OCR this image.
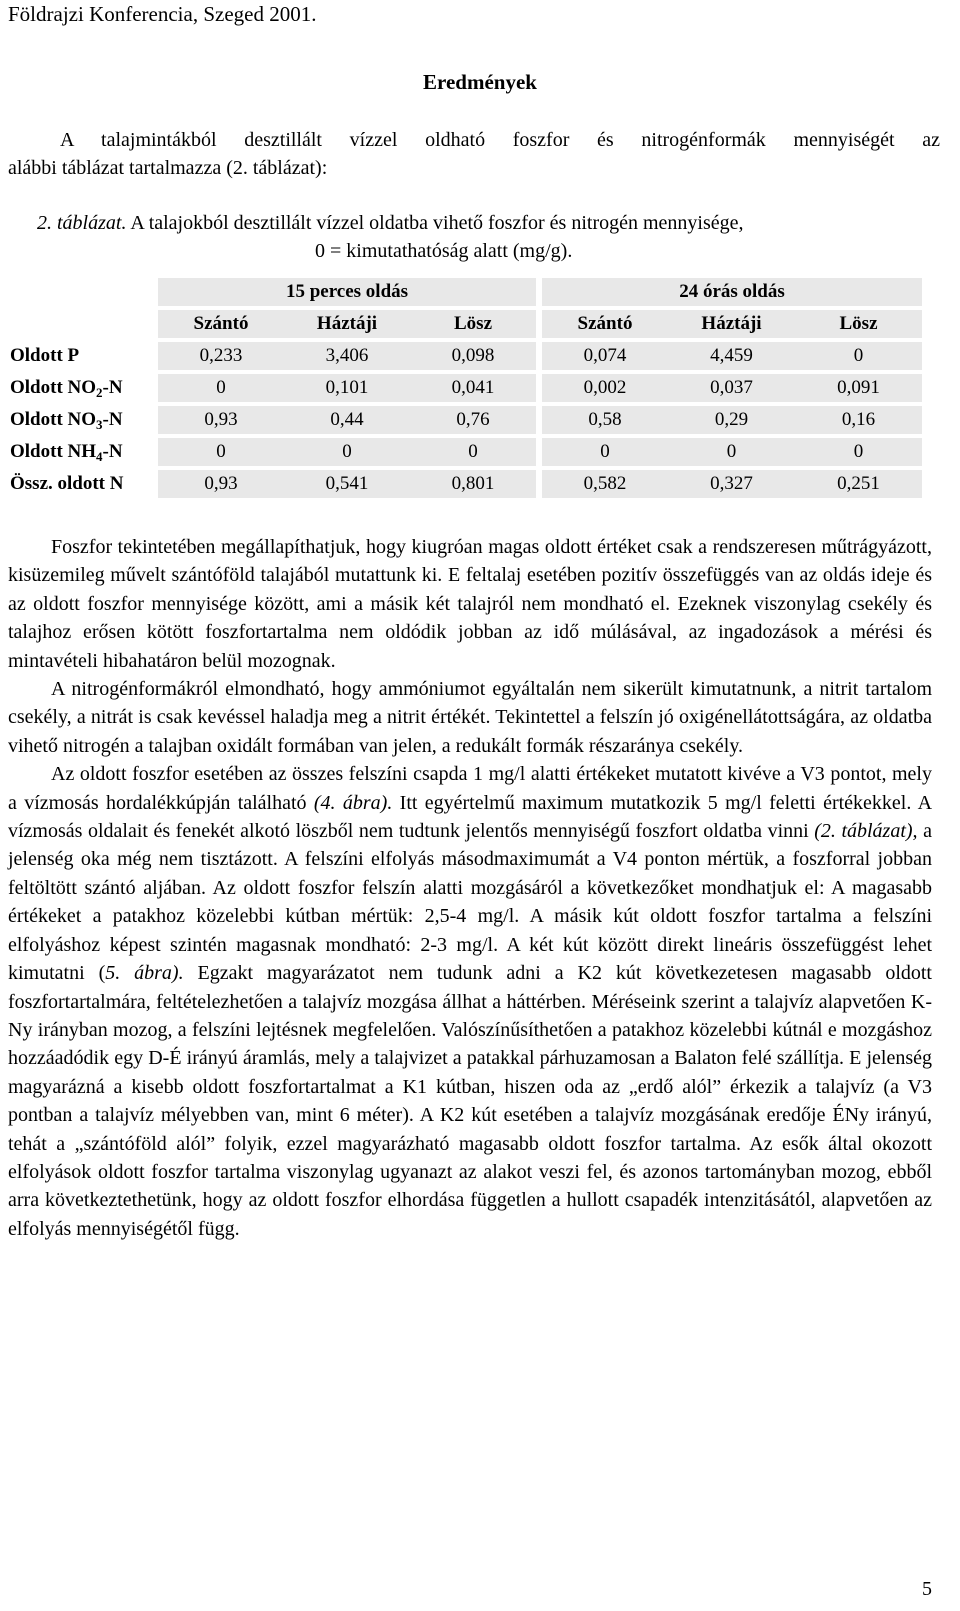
Földrajzi Konferencia, Szeged 2001.
Eredmények
A talajmintákból desztillált vízzel oldható foszfor és nitrogénformák mennyiségét az
alábbi táblázat tartalmazza (2. táblázat):
2. táblázat. A talajokból desztillált vízzel oldatba vihető foszfor és nitrogén mennyisége,
0 = kimutathatóság alatt (mg/g).
	15 perces oldás				24 órás oldás		
	Szántó	Háztáji	Lösz		Szántó	Háztáji	Lösz
Oldott P	0,233	3,406	0,098		0,074	4,459	0
Oldott $NO_2-N$	0	0,101	0,041		0,002	0,037	0,091
Oldott $NO_3-N$	0,93	0,44	0,76		0,58	0,29	0,16
Oldott $NH_4-N$	0	0	0		0	0	0
Össz. oldott N	0,93	0,541	0,801		0,582	0,327	0,251

Foszfor tekintetében megállapíthatjuk, hogy kiugróan magas oldott értéket csak a rendszeresen műtrágyázott, kisüzemileg művelt szántóföld talajából mutattunk ki. E feltalaj esetében pozitív összefüggés van az oldás ideje és az oldott foszfor mennyisége között, ami a másik két talajról nem mondható el. Ezeknek viszonylag csekély és talajhoz erősen kötött foszfortartalma nem oldódik jobban az idő múlásával, az ingadozások a mérési és mintavételi hibahatáron belül mozognak.

A nitrogénformákról elmondható, hogy ammóniumot egyáltalán nem sikerült kimutatnunk, a nitrit tartalom csekély, a nitrát is csak kevéssel haladja meg a nitrit értékét. Tekintettel a felszín jó oxigénellátottságára, az oldatba vihető nitrogén a talajban oxidált formában van jelen, a redukált formák részaránya csekély.

Az oldott foszfor esetében az összes felszíni csapda 1 mg/l alatti értékeket mutatott kivéve a V3 pontot, mely a vízmosás hordalékkúpján található (4. ábra). Itt egyértelmű maximum mutatkozik 5 mg/l feletti értékekkel. A vízmosás oldalait és fenekét alkotó löszből nem tudtunk jelentős mennyiségű foszfort oldatba vinni (2. táblázat), a jelenség oka még nem tisztázott. A felszíni elfolyás másodmaximumát a V4 ponton mértük, a foszforral jobban feltöltött szántó aljában. Az oldott foszfor felszín alatti mozgásáról a következőket mondhatjuk el: A magasabb értékeket a patakhoz közelebbi kútban mértük: 2,5-4 mg/l. A másik kút oldott foszfor tartalma a felszíni elfolyáshoz képest szintén magasnak mondható: 2-3 mg/l. A két kút között direkt lineáris összefüggést lehet kimutatni (5. ábra). Egzakt magyarázatot nem tudunk adni a K2 kút következetesen magasabb oldott foszfortartalmára, feltételezhetően a talajvíz mozgása állhat a háttérben. Méréseink szerint a talajvíz alapvetően K-Ny irányban mozog, a felszíni lejtésnek megfelelően. Valószínűsíthetően a patakhoz közelebbi kútnál e mozgáshoz hozzáadódik egy D-É irányú áramlás, mely a talajvizet a patakkal párhuzamosan a Balaton felé szállítja. E jelenség magyarázná a kisebb oldott foszfortartalmat a K1 kútban, hiszen oda az „erdő alól” érkezik a talajvíz (a V3 pontban a talajvíz mélyebben van, mint 6 méter). A K2 kút esetében a talajvíz mozgásának eredője ÉNy irányú, tehát a „szántóföld alól” folyik, ezzel magyarázható magasabb oldott foszfor tartalma. Az esők által okozott elfolyások oldott foszfor tartalma viszonylag ugyanazt az alakot veszi fel, és azonos tartományban mozog, ebből arra következtethetünk, hogy az oldott foszfor elhordása független a hullott csapadék intenzitásától, alapvetően az elfolyás mennyiségétől függ.

5
